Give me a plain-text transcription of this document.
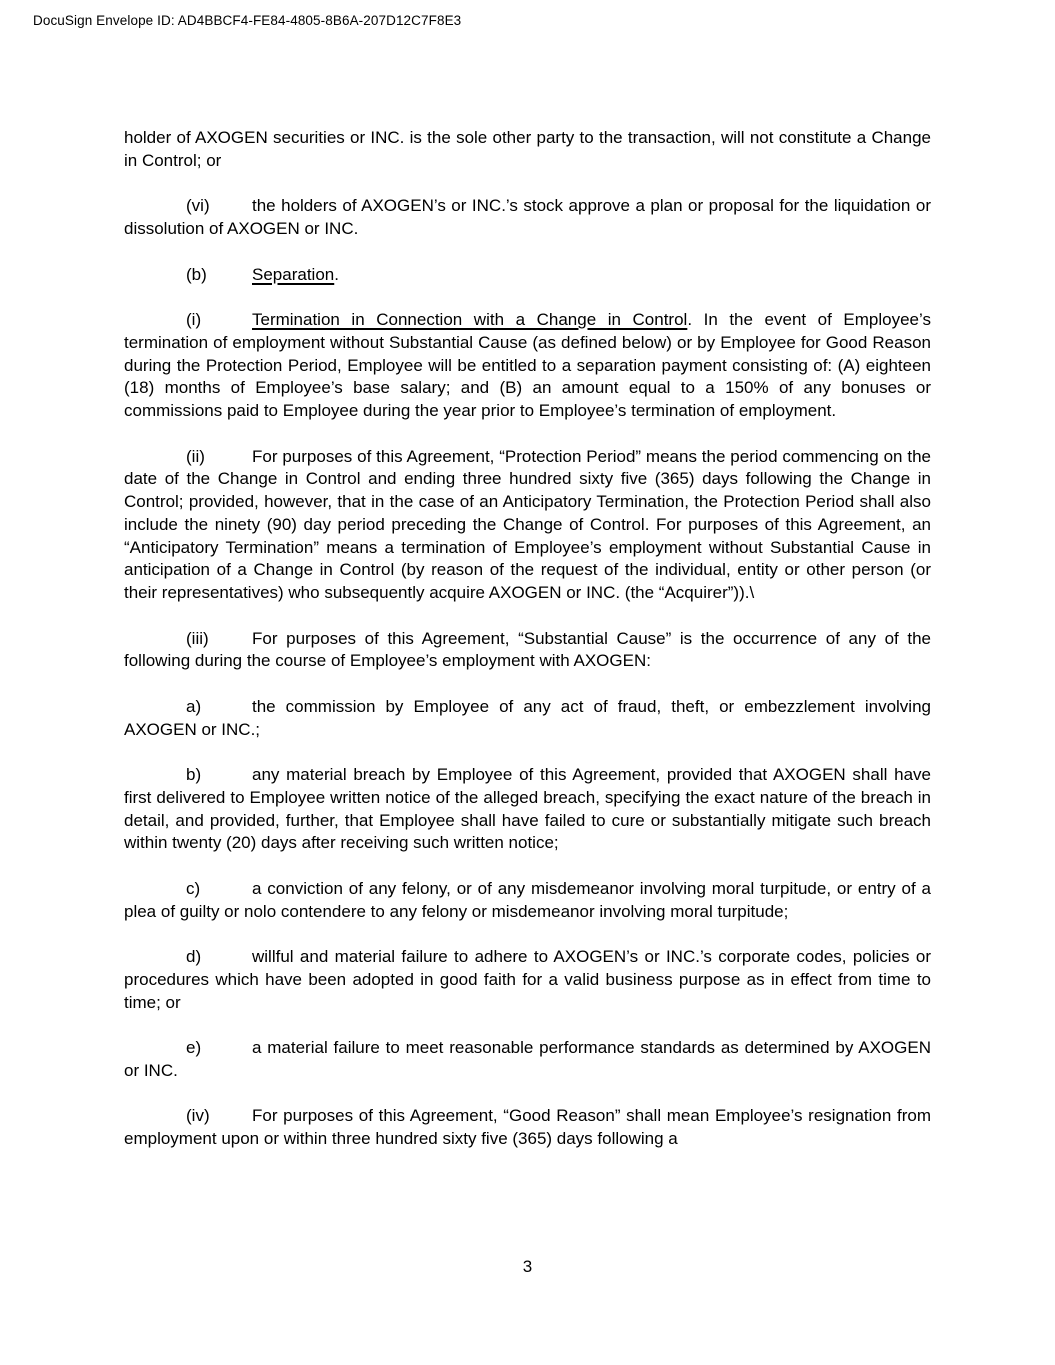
DocuSign Envelope ID: AD4BBCF4-FE84-4805-8B6A-207D12C7F8E3
holder of AXOGEN securities or INC. is the sole other party to the transaction, will not constitute a Change in Control; or
(vi) the holders of AXOGEN’s or INC.’s stock approve a plan or proposal for the liquidation or dissolution of AXOGEN or INC.
(b)	Separation.
(i)	Termination in Connection with a Change in Control. In the event of Employee’s termination of employment without Substantial Cause (as defined below) or by Employee for Good Reason during the Protection Period, Employee will be entitled to a separation payment consisting of: (A) eighteen (18) months of Employee’s base salary; and (B) an amount equal to a 150% of any bonuses or commissions paid to Employee during the year prior to Employee’s termination of employment.
(ii)	For purposes of this Agreement, “Protection Period” means the period commencing on the date of the Change in Control and ending three hundred sixty five (365) days following the Change in Control; provided, however, that in the case of an Anticipatory Termination, the Protection Period shall also include the ninety (90) day period preceding the Change of Control. For purposes of this Agreement, an “Anticipatory Termination” means a termination of Employee’s employment without Substantial Cause in anticipation of a Change in Control (by reason of the request of the individual, entity or other person (or their representatives) who subsequently acquire AXOGEN or INC. (the “Acquirer”)).\
(iii)	For purposes of this Agreement, “Substantial Cause” is the occurrence of any of the following during the course of Employee’s employment with AXOGEN:
a)	the commission by Employee of any act of fraud, theft, or embezzlement involving AXOGEN or INC.;
b)	any material breach by Employee of this Agreement, provided that AXOGEN shall have first delivered to Employee written notice of the alleged breach, specifying the exact nature of the breach in detail, and provided, further, that Employee shall have failed to cure or substantially mitigate such breach within twenty (20) days after receiving such written notice;
c)	a conviction of any felony, or of any misdemeanor involving moral turpitude, or entry of a plea of guilty or nolo contendere to any felony or misdemeanor involving moral turpitude;
d)	willful and material failure to adhere to AXOGEN’s or INC.’s corporate codes, policies or procedures which have been adopted in good faith for a valid business purpose as in effect from time to time; or
e)	a material failure to meet reasonable performance standards as determined by AXOGEN or INC.
(iv) For purposes of this Agreement, “Good Reason” shall mean Employee’s resignation from employment upon or within three hundred sixty five (365) days following a
3
